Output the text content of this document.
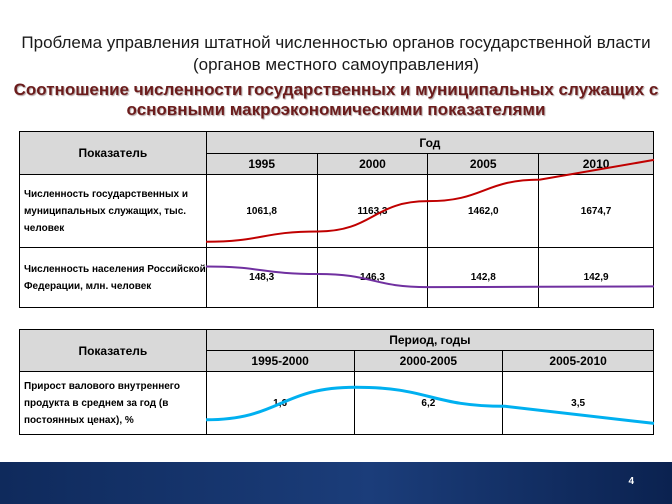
Проблема управления штатной численностью органов государственной власти (органов местного самоуправления)
Соотношение численности государственных и муниципальных служащих с основными макроэкономическими показателями
Показатель	Год			
	1995	2000	2005	2010
Численность государственных и муниципальных служащих, тыс. человек	1061,8	1163,3	1462,0	1674,7
Численность населения Российской Федерации, млн. человек	148,3	146,3	142,8	142,9
Показатель	Период, годы		
	1995-2000	2000-2005	2005-2010
Прирост валового внутреннего продукта в среднем за год (в постоянных ценах), %	1,6	6,2	3,5
4
